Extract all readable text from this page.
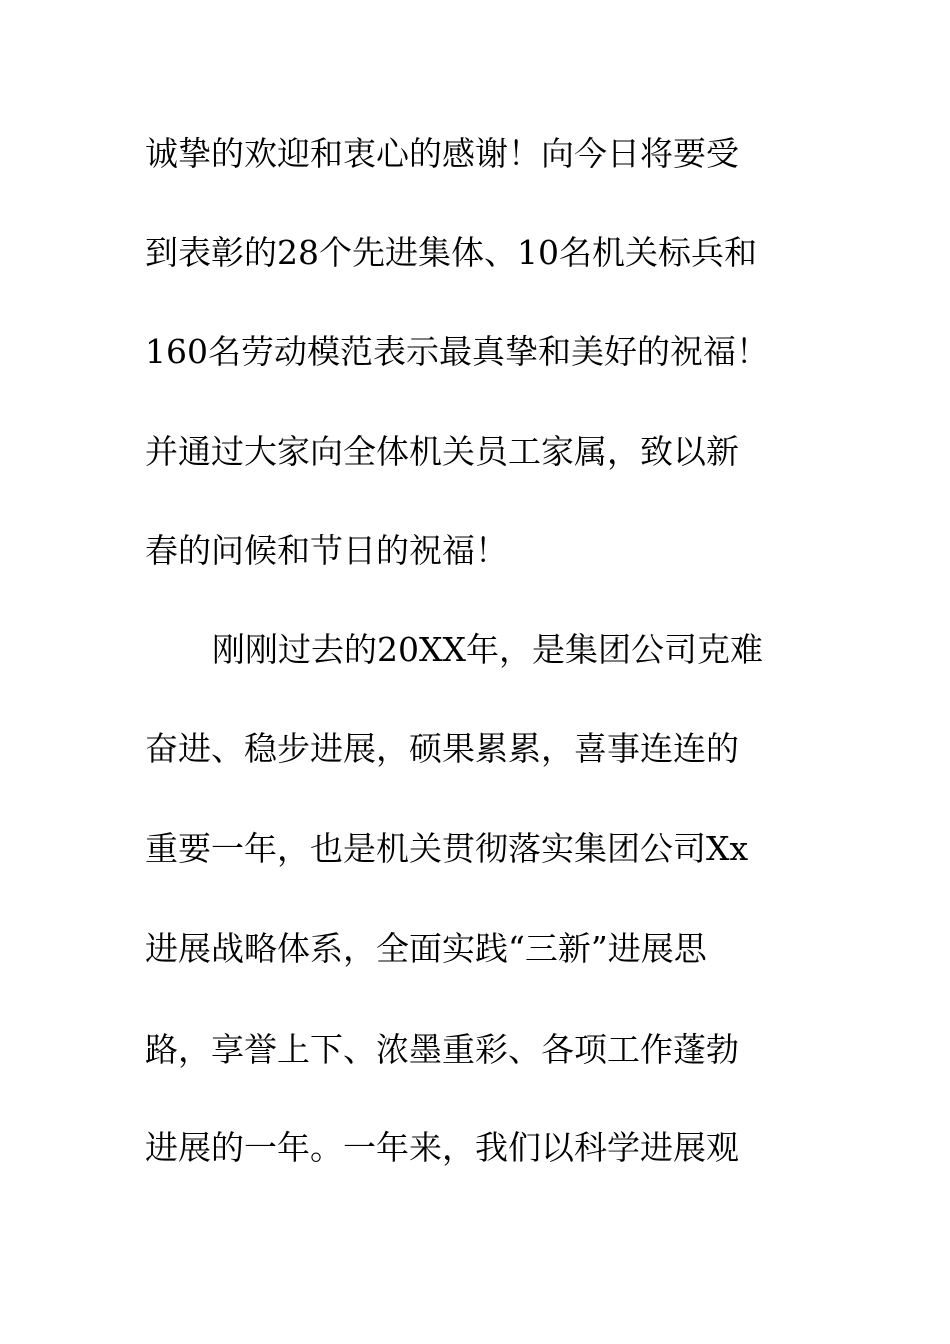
诚挚的欢迎和衷心的感谢！向今日将要受
到表彰的28个先进集体、10名机关标兵和
160名劳动模范表示最真挚和美好的祝福！
并通过大家向全体机关员工家属，致以新
春的问候和节日的祝福！
刚刚过去的20XX年，是集团公司克难
奋进、稳步进展，硕果累累，喜事连连的
重要一年，也是机关贯彻落实集团公司Xx
进展战略体系，全面实践“三新”进展思
路，享誉上下、浓墨重彩、各项工作蓬勃
进展的一年。一年来，我们以科学进展观
